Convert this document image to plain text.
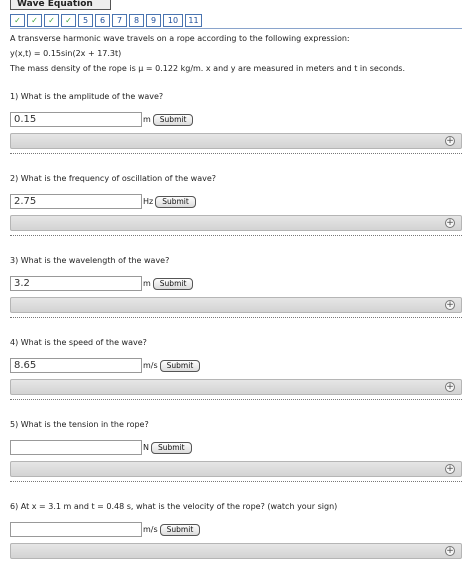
Wave Equation
✓	✓	✓	✓	5	6	7	8	9	10	11
A transverse harmonic wave travels on a rope according to the following expression:
y(x,t) = 0.15sin(2x + 17.3t)
The mass density of the rope is μ = 0.122 kg/m. x and y are measured in meters and t in seconds.
1) What is the amplitude of the wave?
0.15
m	Submit
+
2) What is the frequency of oscillation of the wave?
2.75
Hz	Submit
+
3) What is the wavelength of the wave?
3.2
m	Submit
+
4) What is the speed of the wave?
8.65
m/s	Submit
+
5) What is the tension in the rope?
N	Submit
+
6) At x = 3.1 m and t = 0.48 s, what is the velocity of the rope? (watch your sign)
m/s	Submit
+
